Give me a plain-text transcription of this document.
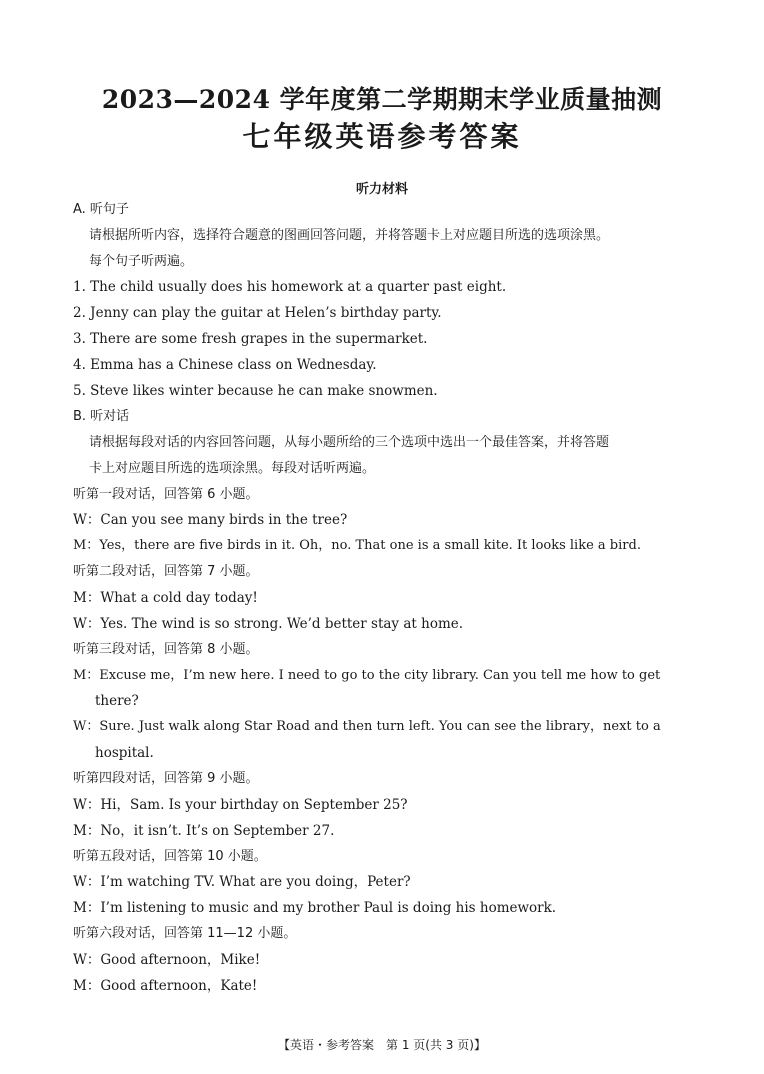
2023—2024 学年度第二学期期末学业质量抽测
七年级英语参考答案
听力材料
A. 听句子
请根据所听内容，选择符合题意的图画回答问题，并将答题卡上对应题目所选的选项涂黑。
每个句子听两遍。
1. The child usually does his homework at a quarter past eight.
2. Jenny can play the guitar at Helen’s birthday party.
3. There are some fresh grapes in the supermarket.
4. Emma has a Chinese class on Wednesday.
5. Steve likes winter because he can make snowmen.
B. 听对话
请根据每段对话的内容回答问题，从每小题所给的三个选项中选出一个最佳答案，并将答题
卡上对应题目所选的选项涂黑。每段对话听两遍。
听第一段对话，回答第 6 小题。
W：Can you see many birds in the tree?
M：Yes，there are five birds in it. Oh，no. That one is a small kite. It looks like a bird.
听第二段对话，回答第 7 小题。
M：What a cold day today!
W：Yes. The wind is so strong. We’d better stay at home.
听第三段对话，回答第 8 小题。
M：Excuse me，I’m new here. I need to go to the city library. Can you tell me how to get
there?
W：Sure. Just walk along Star Road and then turn left. You can see the library，next to a
hospital.
听第四段对话，回答第 9 小题。
W：Hi，Sam. Is your birthday on September 25?
M：No，it isn’t. It’s on September 27.
听第五段对话，回答第 10 小题。
W：I’m watching TV. What are you doing，Peter?
M：I’m listening to music and my brother Paul is doing his homework.
听第六段对话，回答第 11—12 小题。
W：Good afternoon，Mike!
M：Good afternoon，Kate!
【英语・参考答案　第 1 页(共 3 页)】
